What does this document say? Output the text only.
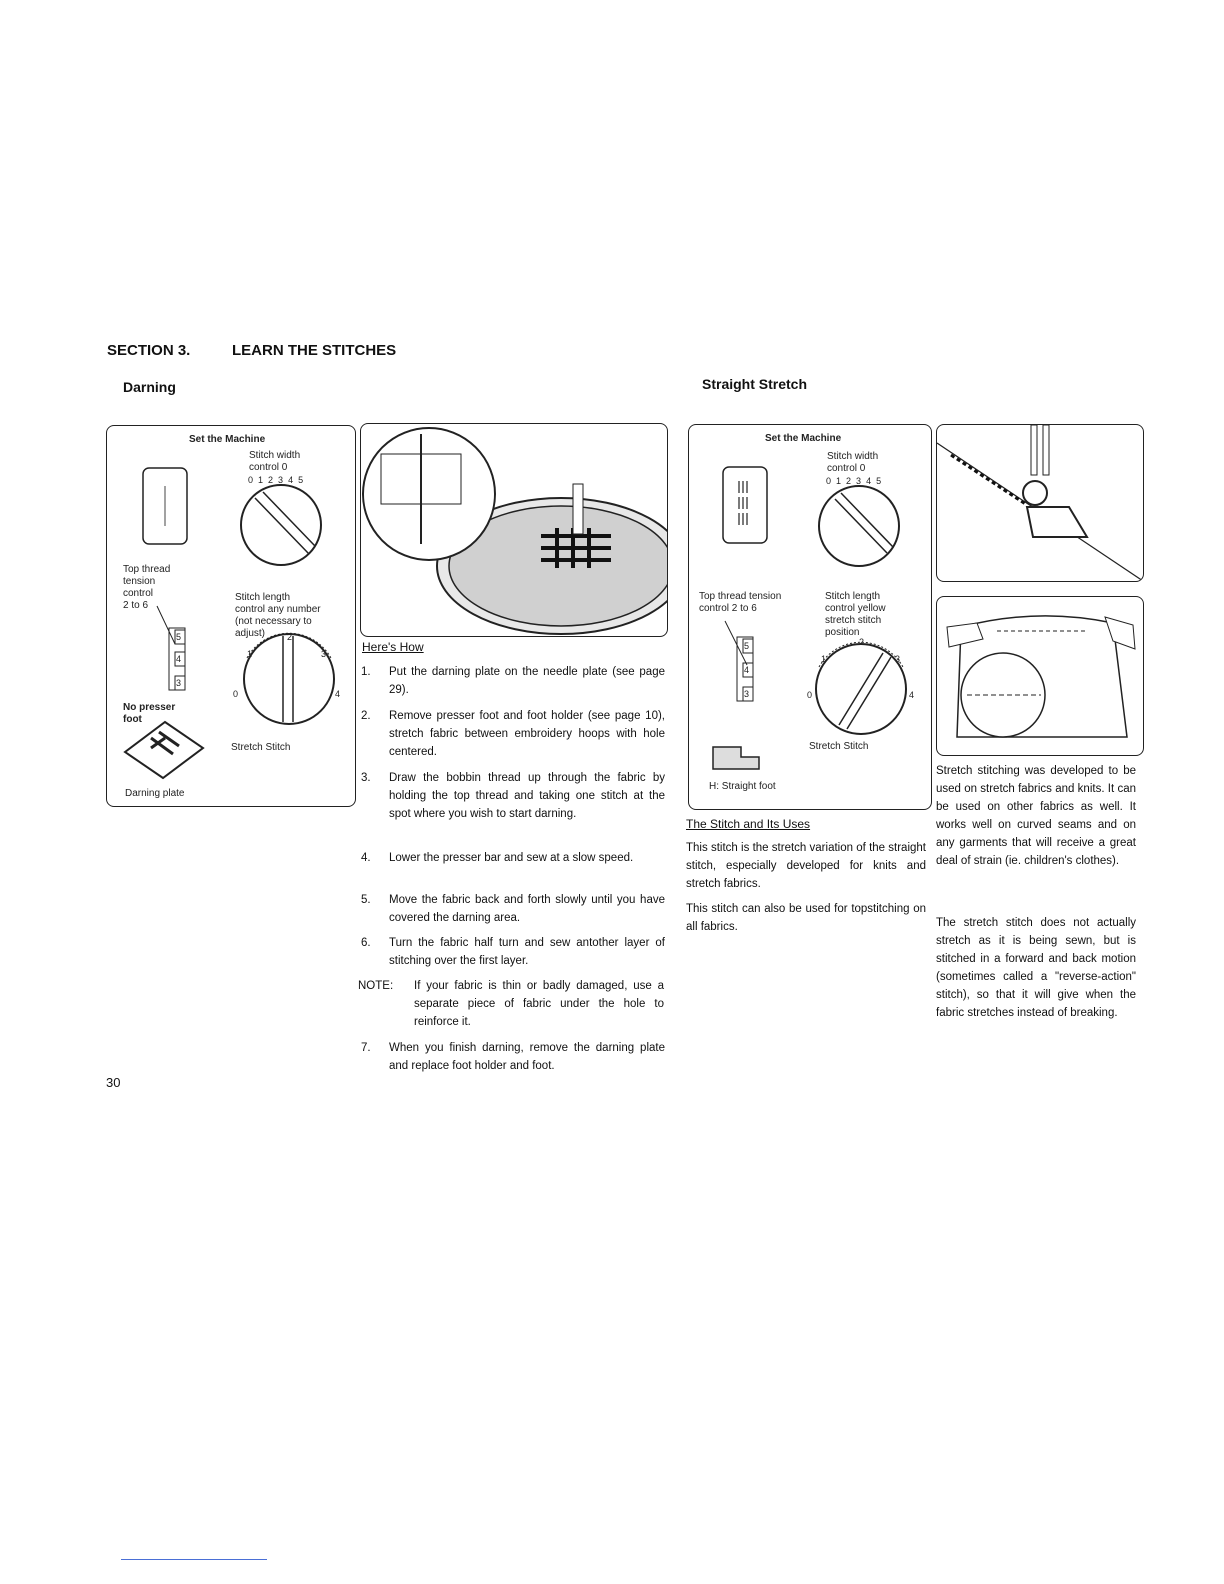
SECTION 3.	LEARN THE STITCHES
Darning	Straight Stretch
Set the Machine
Stitch width
control 0
Top thread
tension
control
2 to 6
Stitch length
control any number
(not necessary to
adjust)
No presser
foot
Stretch Stitch
Darning plate
012345
5
4
3
0
1
2
3
4
Here's How
1. Put the darning plate on the needle plate (see page 29).
2. Remove presser foot and foot holder (see page 10), stretch fabric between embroidery hoops with hole centered.
3. Draw the bobbin thread up through the fabric by holding the top thread and taking one stitch at the spot where you wish to start darning.
4. Lower the presser bar and sew at a slow speed.
5. Move the fabric back and forth slowly until you have covered the darning area.
6. Turn the fabric half turn and sew antother layer of stitching over the first layer.
NOTE: If your fabric is thin or badly damaged, use a separate piece of fabric under the hole to reinforce it.
7. When you finish darning, remove the darning plate and replace foot holder and foot.
Set the Machine
Stitch width
control 0
Top thread tension
control 2 to 6
Stitch length
control yellow
stretch stitch
position
Stretch Stitch
H: Straight foot
012345
5
4
3	0
1
2
3
4
The Stitch and Its Uses
This stitch is the stretch variation of the straight stitch, especially developed for knits and stretch fabrics.
This stitch can also be used for topstitching on all fabrics.
Stretch stitching was developed to be used on stretch fabrics and knits. It can be used on other fabrics as well. It works well on curved seams and on any garments that will receive a great deal of strain (ie. children's clothes).
The stretch stitch does not actually stretch as it is being sewn, but is stitched in a forward and back motion (sometimes called a "reverse-action" stitch), so that it will give when the fabric stretches instead of breaking.
30
